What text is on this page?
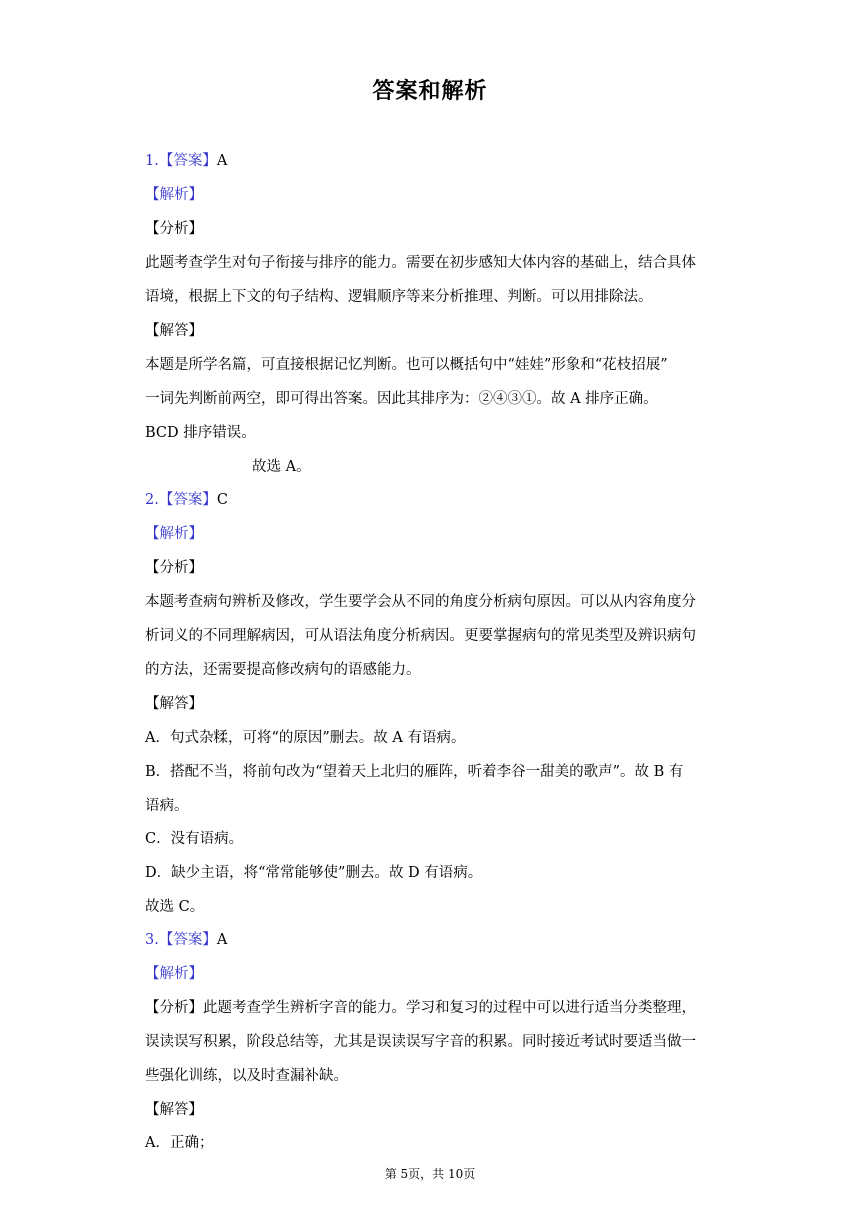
答案和解析
1.【答案】A
【解析】
【分析】
此题考查学生对句子衔接与排序的能力。需要在初步感知大体内容的基础上，结合具体
语境，根据上下文的句子结构、逻辑顺序等来分析推理、判断。可以用排除法。
【解答】
本题是所学名篇，可直接根据记忆判断。也可以概括句中“娃娃”形象和“花枝招展”
一词先判断前两空，即可得出答案。因此其排序为：②④③①。故 A 排序正确。
BCD 排序错误。
故选 A。
2.【答案】C
【解析】
【分析】
本题考查病句辨析及修改，学生要学会从不同的角度分析病句原因。可以从内容角度分
析词义的不同理解病因，可从语法角度分析病因。更要掌握病句的常见类型及辨识病句
的方法，还需要提高修改病句的语感能力。
【解答】
A．句式杂糅，可将“的原因”删去。故 A 有语病。
B．搭配不当，将前句改为“望着天上北归的雁阵，听着李谷一甜美的歌声”。故 B 有
语病。
C．没有语病。
D．缺少主语，将“常常能够使”删去。故 D 有语病。
故选 C。
3.【答案】A
【解析】
【分析】此题考查学生辨析字音的能力。学习和复习的过程中可以进行适当分类整理，
误读误写积累，阶段总结等，尤其是误读误写字音的积累。同时接近考试时要适当做一
些强化训练，以及时查漏补缺。
【解答】
A．正确；
第 5页，共 10页
